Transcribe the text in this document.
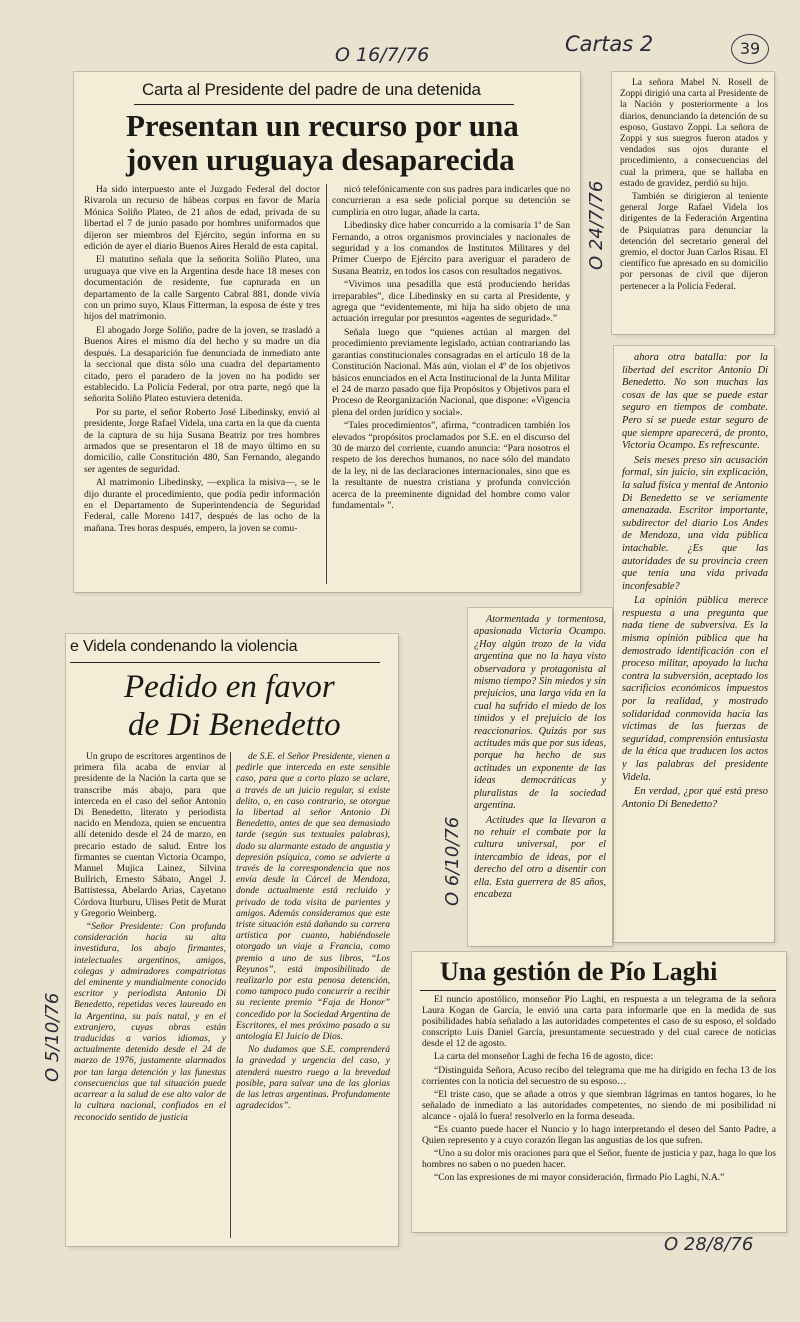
O 16/7/76	Cartas 2	39
Carta al Presidente del padre de una detenida
Presentan un recurso por una
joven uruguaya desaparecida

Ha sido interpuesto ante el Juzgado Federal del doctor Rivarola un recurso de hábeas corpus en favor de María Mónica Soliño Plateo, de 21 años de edad, privada de su libertad el 7 de junio pasado por hombres uniformados que dijeron ser miembros del Ejército, según informa en su edición de ayer el diario Buenos Aires Herald de esta capital.

El matutino señala que la señorita Soliño Plateo, una uruguaya que vive en la Argentina desde hace 18 meses con documentación de residente, fue capturada en un departamento de la calle Sargento Cabral 881, donde vivía con un primo suyo, Klaus Fitterman, la esposa de éste y tres hijos del matrimonio.

El abogado Jorge Soliño, padre de la joven, se trasladó a Buenos Aires el mismo día del hecho y su madre un día después. La desaparición fue denunciada de inmediato ante la seccional que dista sólo una cuadra del departamento citado, pero el paradero de la joven no ha podido ser establecido. La Policía Federal, por otra parte, negó que la señorita Soliño Plateo estuviera detenida.

Por su parte, el señor Roberto José Libedinsky, envió al presidente, Jorge Rafael Videla, una carta en la que da cuenta de la captura de su hija Susana Beatriz por tres hombres armados que se presentaron el 18 de mayo último en su domicilio, calle Constitución 480, San Fernando, alegando ser agentes de seguridad.

Al matrimonio Libedinsky, —explica la misiva—, se le dijo durante el procedimiento, que podía pedir información en el Departamento de Superintendencia de Seguridad Federal, calle Moreno 1417, después de las ocho de la mañana. Tres horas después, empero, la joven se comu-

nicó telefónicamente con sus padres para indicarles que no concurrieran a esa sede policial porque su detención se cumpliría en otro lugar, añade la carta.

Libedinsky dice haber concurrido a la comisaría 1ª de San Fernando, a otros organismos provinciales y nacionales de seguridad y a los comandos de Institutos Militares y del Primer Cuerpo de Ejército para averiguar el paradero de Susana Beatriz, en todos los casos con resultados negativos.

“Vivimos una pesadilla que está produciendo heridas irreparables”, dice Libedinsky en su carta al Presidente, y agrega que “evidentemente, mi hija ha sido objeto de una actuación irregular por presuntos «agentes de seguridad».”

Señala luego que “quienes actúan al margen del procedimiento previamente legislado, actúan contrariando las garantías constitucionales consagradas en el artículo 18 de la Constitución Nacional. Más aún, violan el 4º de los objetivos básicos enunciados en el Acta Institucional de la Junta Militar el 24 de marzo pasado que fija Propósitos y Objetivos para el Proceso de Reorganización Nacional, que dispone: «Vigencia plena del orden jurídico y social».

“Tales procedimientos”, afirma, “contradicen también los elevados “propósitos proclamados por S.E. en el discurso del 30 de marzo del corriente, cuando anuncia: “Para nosotros el respeto de los derechos humanos, no nace sólo del mandato de la ley, ni de las declaraciones internacionales, sino que es la resultante de nuestra cristiana y profunda convicción acerca de la preeminente dignidad del hombre como valor fundamental» ”.

O 24/7/76

La señora Mabel N. Rosell de Zoppi dirigió una carta al Presidente de la Nación y posteriormente a los diarios, denunciando la detención de su esposo, Gustavo Zoppi. La señora de Zoppi y sus suegros fueron atados y vendados sus ojos durante el procedimiento, a consecuencias del cual la primera, que se hallaba en estado de gravidez, perdió su hijo.

También se dirigieron al teniente general Jorge Rafael Videla los dirigentes de la Federación Argentina de Psiquiatras para denunciar la detención del secretario general del gremio, el doctor Juan Carlos Risau. El científico fue apresado en su domicilio por personas de civil que dijeron pertenecer a la Policía Federal.

ahora otra batalla: por la libertad del escritor Antonio Di Benedetto. No son muchas las cosas de las que se puede estar seguro en tiempos de combate. Pero sí se puede estar seguro de que siempre aparecerá, de pronto, Victoria Ocampo. Es refrescante.

Seis meses preso sin acusación formal, sin juicio, sin explicación, la salud física y mental de Antonio Di Benedetto se ve seriamente amenazada. Escritor importante, subdirector del diario Los Andes de Mendoza, una vida pública intachable. ¿Es que las autoridades de su provincia creen que tenía una vida privada inconfesable?

La opinión pública merece respuesta a una pregunta que nada tiene de subversiva. Es la misma opinión pública que ha demostrado identificación con el proceso militar, apoyado la lucha contra la subversión, aceptado los sacrificios económicos impuestos por la realidad, y mostrado solidaridad conmovida hacia las víctimas de las fuerzas de seguridad, comprensión entusiasta de la ética que traducen los actos y las palabras del presidente Videla.

En verdad, ¿por qué está preso Antonio Di Benedetto?

Atormentada y tormentosa, apasionada Victoria Ocampo. ¿Hay algún trozo de la vida argentina que no la haya visto observadora y protagonista al mismo tiempo? Sin miedos y sin prejuicios, una larga vida en la cual ha sufrido el miedo de los tímidos y el prejuicio de los reaccionarios. Quizás por sus actitudes más que por sus ideas, porque ha hecho de sus actitudes un exponente de las ideas democráticas y pluralistas de la sociedad argentina.

Actitudes que la llevaron a no rehuir el combate por la cultura universal, por el intercambio de ideas, por el derecho del otro a disentir con ella. Esta guerrera de 85 años, encabeza

O 6/10/76
e Videla condenando la violencia
Pedido en favor
de Di Benedetto

Un grupo de escritores argentinos de primera fila acaba de enviar al presidente de la Nación la carta que se transcribe más abajo, para que interceda en el caso del señor Antonio Di Benedetto, literato y periodista nacido en Mendoza, quien se encuentra allí detenido desde el 24 de marzo, en precario estado de salud. Entre los firmantes se cuentan Victoria Ocampo, Manuel Mujica Lainez, Silvina Bullrich, Ernesto Sábato, Angel J. Battistessa, Abelardo Arias, Cayetano Córdova Iturburu, Ulises Petit de Murat y Gregorio Weinberg.

“Señor Presidente: Con profunda consideración hacia su alta investidura, los abajo firmantes, intelectuales argentinos, amigos, colegas y admiradores compatriotas del eminente y mundialmente conocido escritor y periodista Antonio Di Benedetto, repetidas veces laureado en la Argentina, su país natal, y en el extranjero, cuyas obras están traducidas a varios idiomas, y actualmente detenido desde el 24 de marzo de 1976, justamente alarmados por tan larga detención y las funestas consecuencias que tal situación puede acarrear a la salud de ese alto valor de la cultura nacional, confiados en el reconocido sentido de justicia

de S.E. el Señor Presidente, vienen a pedirle que interceda en este sensible caso, para que a corto plazo se aclare, a través de un juicio regular, si existe delito, o, en caso contrario, se otorgue la libertad al señor Antonio Di Benedetto, antes de que sea demasiado tarde (según sus textuales palabras), dado su alarmante estado de angustia y depresión psíquica, como se advierte a través de la correspondencia que nos envía desde la Cárcel de Mendoza, donde actualmente está recluido y privado de toda visita de parientes y amigos. Además consideramos que este triste situación está dañando su carrera artística por cuanto, habiéndosele otorgado un viaje a Francia, como premio a uno de sus libros, “Los Reyunos”, está imposibilitado de realizarlo por esta penosa detención, como tampoco pudo concurrir a recibir su reciente premio “Faja de Honor” concedido por la Sociedad Argentina de Escritores, el mes próximo pasado a su antología El Juicio de Dios.

No dudamos que S.E. comprenderá la gravedad y urgencia del caso, y atenderá nuestro ruego a la brevedad posible, para salvar una de las glorias de las letras argentinas. Profundamente agradecidos”.

O 5/10/76
Una gestión de Pío Laghi

El nuncio apostólico, monseñor Pío Laghi, en respuesta a un telegrama de la señora Laura Kogan de García, le envió una carta para informarle que en la medida de sus posibilidades había señalado a las autoridades competentes el caso de su esposo, el soldado conscripto Luis Daniel García, presuntamente secuestrado y del cual carece de noticias desde el 12 de agosto.

La carta del monseñor Laghi de fecha 16 de agosto, dice:

“Distinguida Señora, Acuso recibo del telegrama que me ha dirigido en fecha 13 de los corrientes con la noticia del secuestro de su esposo…

“El triste caso, que se añade a otros y que siembran lágrimas en tantos hogares, lo he señalado de inmediato a las autoridades competentes, no siendo de mi posibilidad ni alcance - ojalá lo fuera! resolverlo en la forma deseada.

“Es cuanto puede hacer el Nuncio y lo hago interpretando el deseo del Santo Padre, a Quien represento y a cuyo corazón llegan las angustias de los que sufren.

“Uno a su dolor mis oraciones para que el Señor, fuente de justicia y paz, haga lo que los hombres no saben o no pueden hacer.

“Con las expresiones de mi mayor consideración, firmado Pío Laghi, N.A.”

O 28/8/76
